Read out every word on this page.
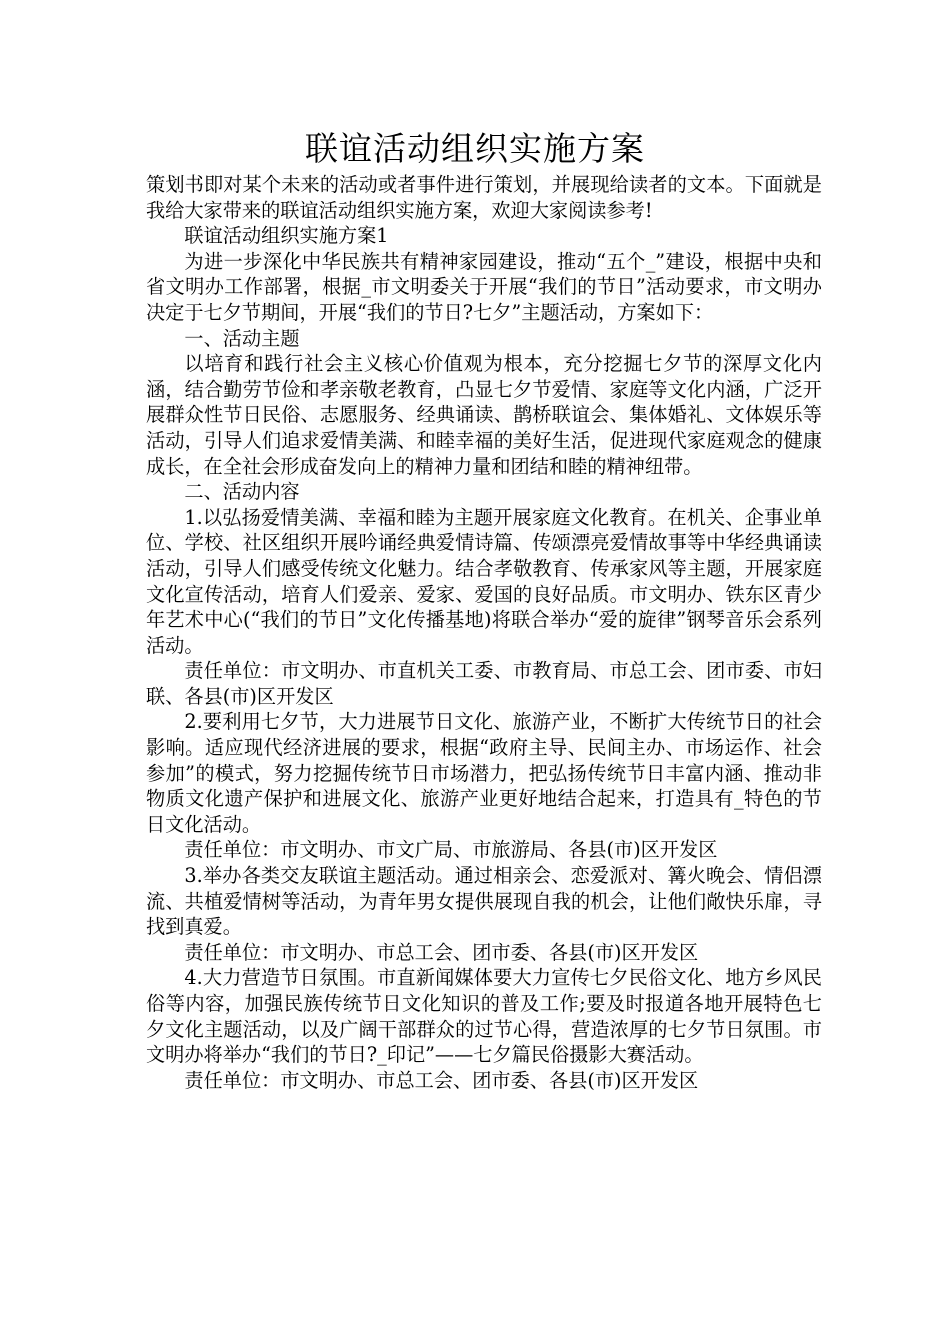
联谊活动组织实施方案

策划书即对某个未来的活动或者事件进行策划，并展现给读者的文本。下面就是我给大家带来的联谊活动组织实施方案，欢迎大家阅读参考!

联谊活动组织实施方案1

为进一步深化中华民族共有精神家园建设，推动“五个_”建设，根据中央和省文明办工作部署，根据_市文明委关于开展“我们的节日”活动要求，市文明办决定于七夕节期间，开展“我们的节日?七夕”主题活动，方案如下：

一、活动主题

以培育和践行社会主义核心价值观为根本，充分挖掘七夕节的深厚文化内涵，结合勤劳节俭和孝亲敬老教育，凸显七夕节爱情、家庭等文化内涵，广泛开展群众性节日民俗、志愿服务、经典诵读、鹊桥联谊会、集体婚礼、文体娱乐等活动，引导人们追求爱情美满、和睦幸福的美好生活，促进现代家庭观念的健康成长，在全社会形成奋发向上的精神力量和团结和睦的精神纽带。

二、活动内容

1.以弘扬爱情美满、幸福和睦为主题开展家庭文化教育。在机关、企事业单位、学校、社区组织开展吟诵经典爱情诗篇、传颂漂亮爱情故事等中华经典诵读活动，引导人们感受传统文化魅力。结合孝敬教育、传承家风等主题，开展家庭文化宣传活动，培育人们爱亲、爱家、爱国的良好品质。市文明办、铁东区青少年艺术中心(“我们的节日”文化传播基地)将联合举办“爱的旋律”钢琴音乐会系列活动。

责任单位：市文明办、市直机关工委、市教育局、市总工会、团市委、市妇联、各县(市)区开发区

2.要利用七夕节，大力进展节日文化、旅游产业，不断扩大传统节日的社会影响。适应现代经济进展的要求，根据“政府主导、民间主办、市场运作、社会参加”的模式，努力挖掘传统节日市场潜力，把弘扬传统节日丰富内涵、推动非物质文化遗产保护和进展文化、旅游产业更好地结合起来，打造具有_特色的节日文化活动。

责任单位：市文明办、市文广局、市旅游局、各县(市)区开发区

3.举办各类交友联谊主题活动。通过相亲会、恋爱派对、篝火晚会、情侣漂流、共植爱情树等活动，为青年男女提供展现自我的机会，让他们敞快乐扉，寻找到真爱。

责任单位：市文明办、市总工会、团市委、各县(市)区开发区

4.大力营造节日氛围。市直新闻媒体要大力宣传七夕民俗文化、地方乡风民俗等内容，加强民族传统节日文化知识的普及工作;要及时报道各地开展特色七夕文化主题活动，以及广阔干部群众的过节心得，营造浓厚的七夕节日氛围。市文明办将举办“我们的节日?_印记”——七夕篇民俗摄影大赛活动。

责任单位：市文明办、市总工会、团市委、各县(市)区开发区
